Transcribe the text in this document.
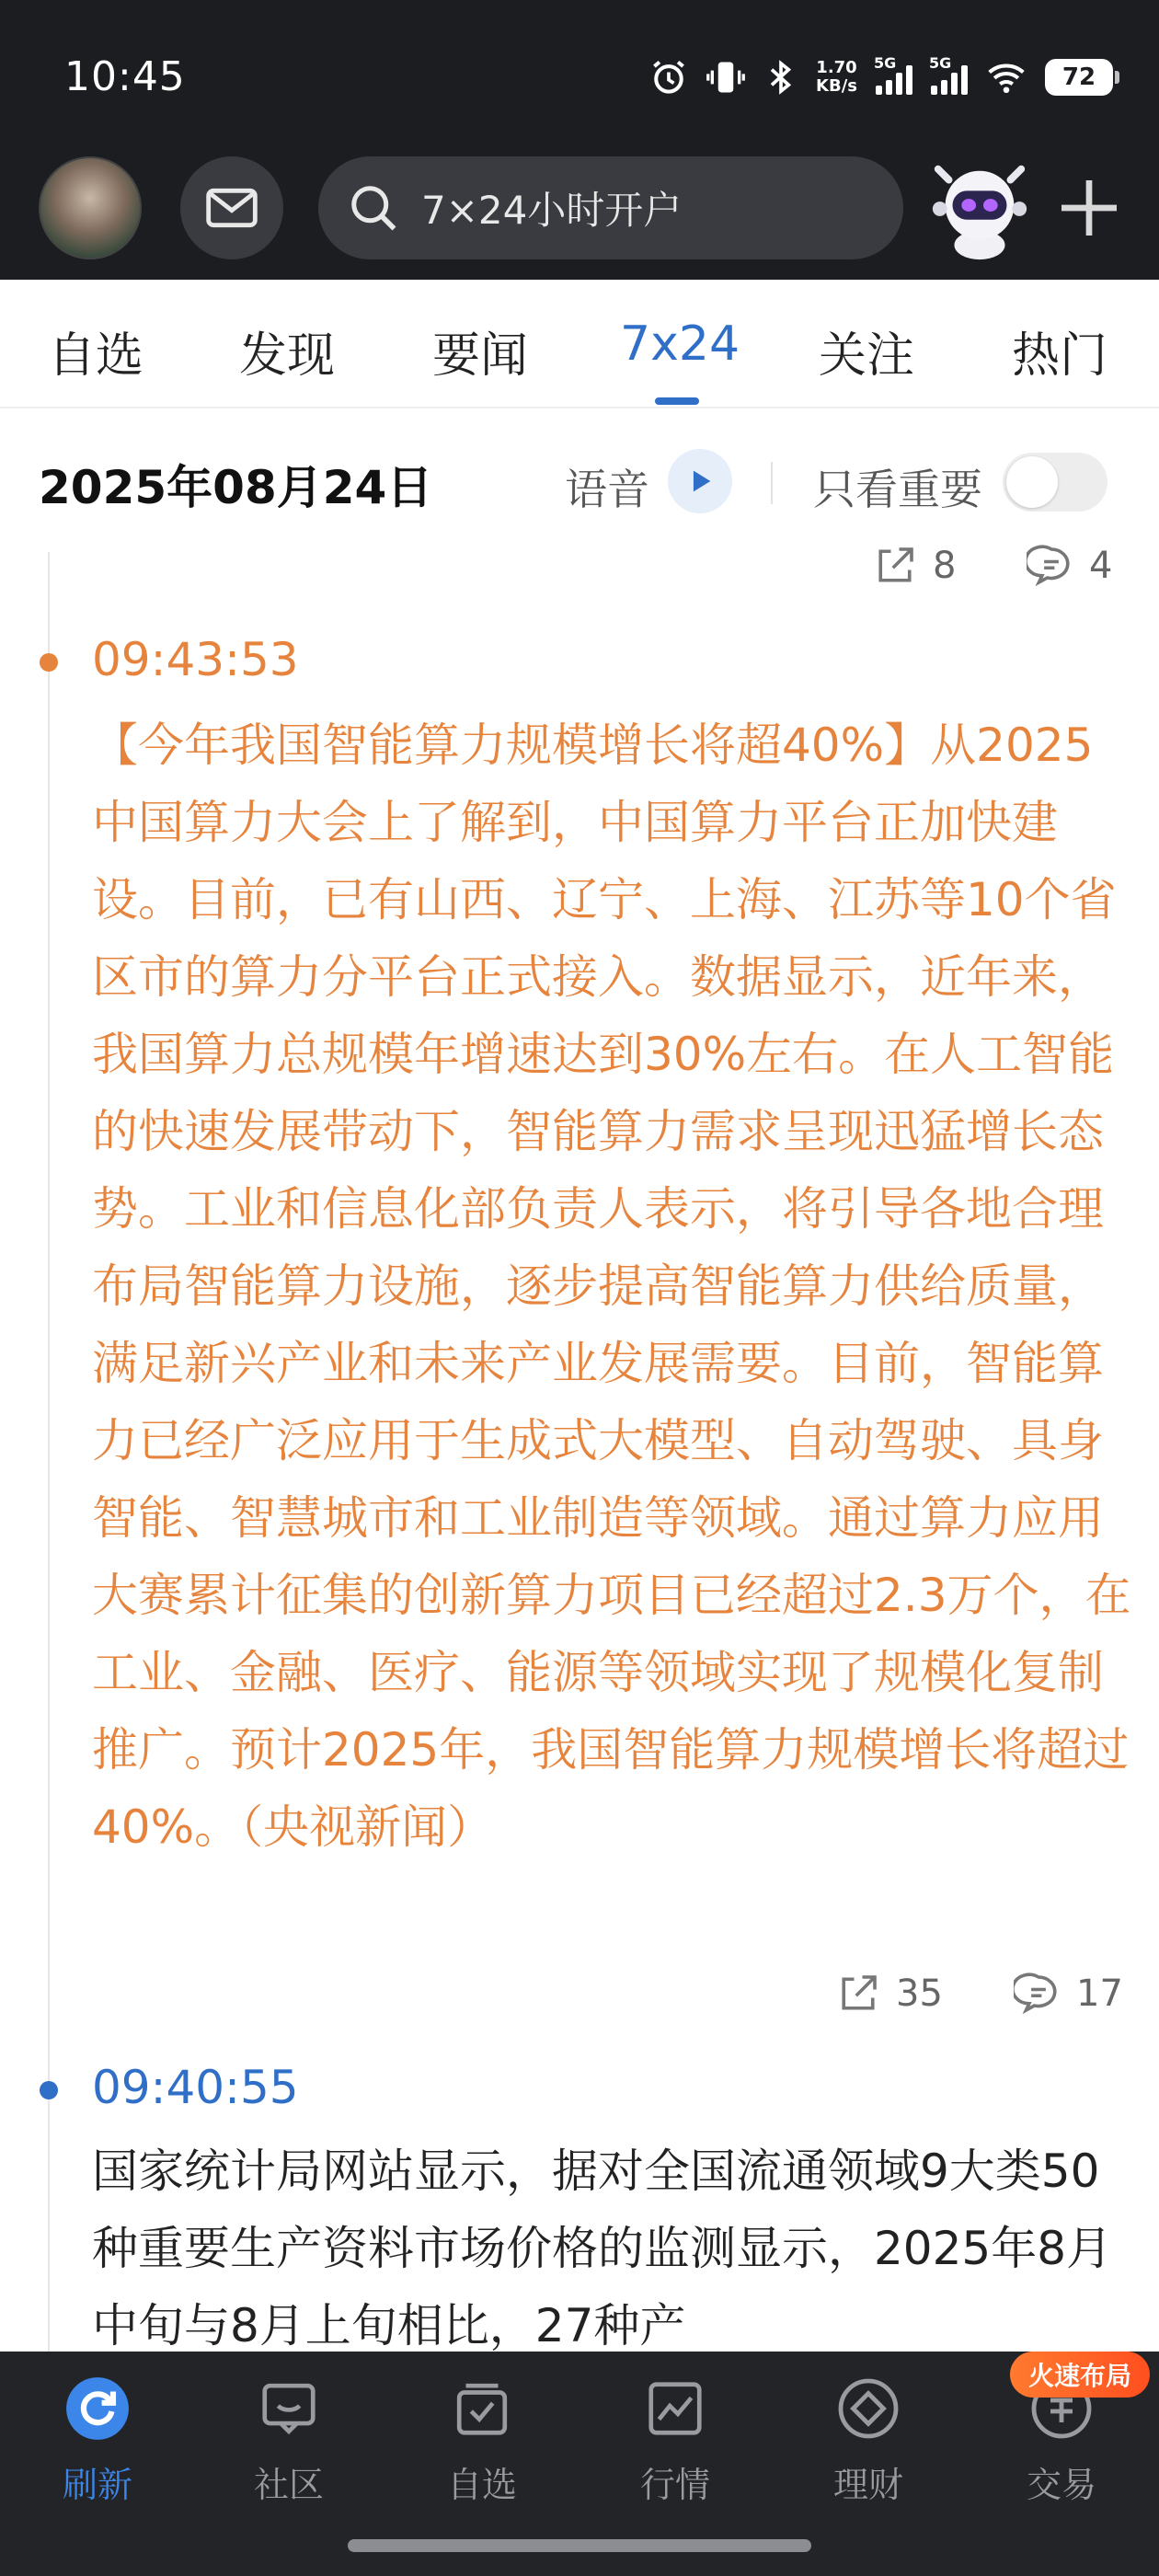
10:45	1.70
KB/s
5G 5G
72
7×24小时开户
自选 发现 要闻 7x24 关注 热门
2025年08月24日	语音	只看重要
8	4
09:43:53
【今年我国智能算力规模增长将超40%】从2025中国算力大会上了解到，中国算力平台正加快建设。目前，已有山西、辽宁、上海、江苏等10个省区市的算力分平台正式接入。数据显示，近年来，我国算力总规模年增速达到30%左右。在人工智能的快速发展带动下，智能算力需求呈现迅猛增长态势。工业和信息化部负责人表示，将引导各地合理布局智能算力设施，逐步提高智能算力供给质量，满足新兴产业和未来产业发展需要。目前，智能算力已经广泛应用于生成式大模型、自动驾驶、具身智能、智慧城市和工业制造等领域。通过算力应用大赛累计征集的创新算力项目已经超过2.3万个，在工业、金融、医疗、能源等领域实现了规模化复制推广。预计2025年，我国智能算力规模增长将超过40%。（央视新闻）
35	17
09:40:55
国家统计局网站显示，据对全国流通领域9大类50种重要生产资料市场价格的监测显示，2025年8月中旬与8月上旬相比，27种产
刷新	社区	自选	行情	理财	交易
火速布局
